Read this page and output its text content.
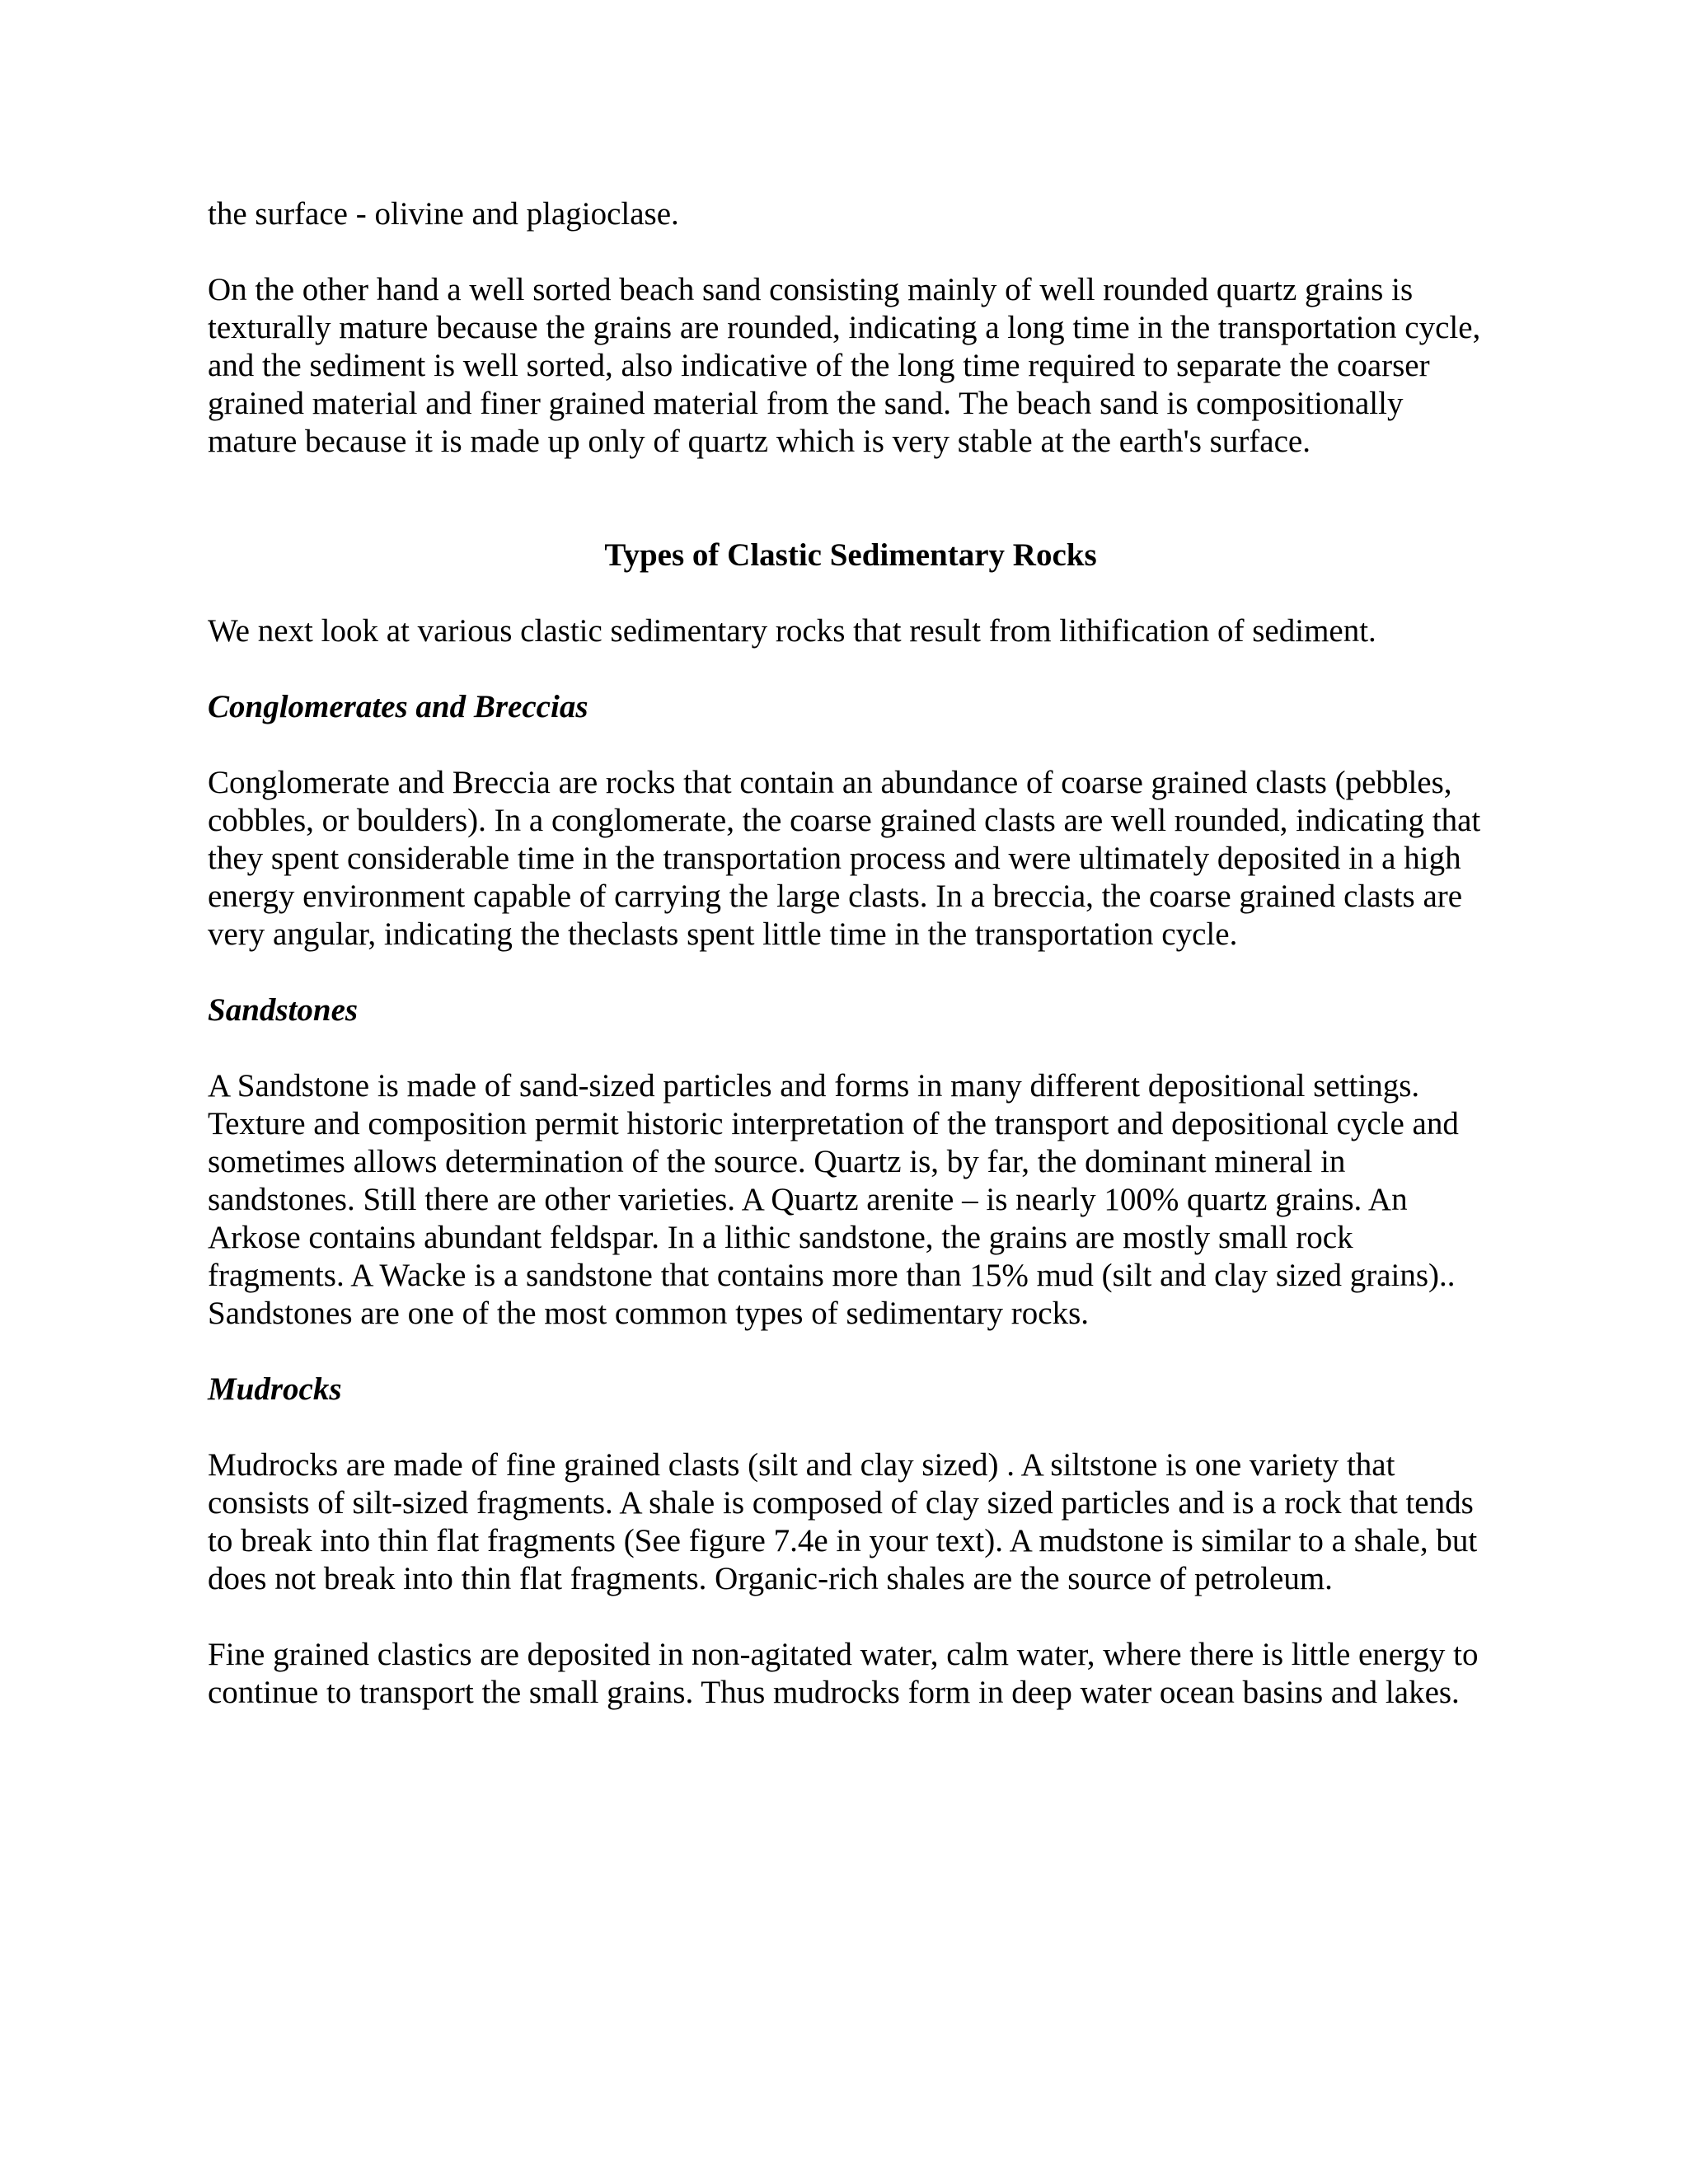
the surface - olivine and plagioclase.

On the other hand a well sorted beach sand consisting mainly of well rounded quartz grains is texturally mature because the grains are rounded, indicating a long time in the transportation cycle, and the sediment is well sorted, also indicative of the long time required to separate the coarser grained material and finer grained material from the sand. The beach sand is compositionally mature because it is made up only of quartz which is very stable at the earth's surface.

Types of Clastic Sedimentary Rocks

We next look at various clastic sedimentary rocks that result from lithification of sediment.

Conglomerates and Breccias

Conglomerate and Breccia are rocks that contain an abundance of coarse grained clasts (pebbles, cobbles, or boulders). In a conglomerate, the coarse grained clasts are well rounded, indicating that they spent considerable time in the transportation process and were ultimately deposited in a high energy environment capable of carrying the large clasts. In a breccia, the coarse grained clasts are very angular, indicating the theclasts spent little time in the transportation cycle.

Sandstones

A Sandstone is made of sand-sized particles and forms in many different depositional settings. Texture and composition permit historic interpretation of the transport and depositional cycle and sometimes allows determination of the source. Quartz is, by far, the dominant mineral in sandstones. Still there are other varieties. A Quartz arenite – is nearly 100% quartz grains. An Arkose contains abundant feldspar. In a lithic sandstone, the grains are mostly small rock fragments. A Wacke is a sandstone that contains more than 15% mud (silt and clay sized grains).. Sandstones are one of the most common types of sedimentary rocks.

Mudrocks

Mudrocks are made of fine grained clasts (silt and clay sized) . A siltstone is one variety that consists of silt-sized fragments. A shale is composed of clay sized particles and is a rock that tends to break into thin flat fragments (See figure 7.4e in your text). A mudstone is similar to a shale, but does not break into thin flat fragments. Organic-rich shales are the source of petroleum.

Fine grained clastics are deposited in non-agitated water, calm water, where there is little energy to continue to transport the small grains. Thus mudrocks form in deep water ocean basins and lakes.
